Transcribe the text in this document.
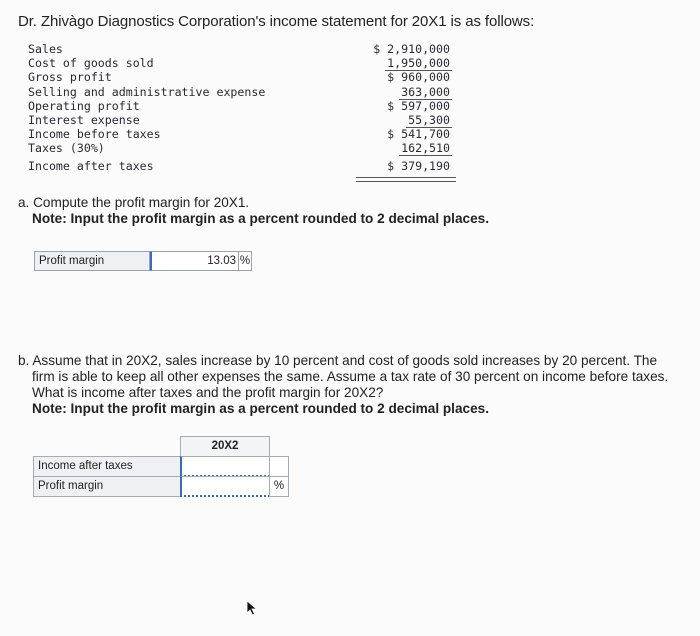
Dr. Zhivàgo Diagnostics Corporation's income statement for 20X1 is as follows:
Sales	$ 2,910,000
Cost of goods sold	1,950,000
Gross profit	$ 960,000
Selling and administrative expense	363,000
Operating profit	$ 597,000
Interest expense	55,300
Income before taxes	$ 541,700
Taxes (30%)	162,510
Income after taxes	$ 379,190
a. Compute the profit margin for 20X1.
Note: Input the profit margin as a percent rounded to 2 decimal places.
Profit margin	13.03 %
b. Assume that in 20X2, sales increase by 10 percent and cost of goods sold increases by 20 percent. The firm is able to keep all other expenses the same. Assume a tax rate of 30 percent on income before taxes. What is income after taxes and the profit margin for 20X2?
Note: Input the profit margin as a percent rounded to 2 decimal places.
20X2
Income after taxes
Profit margin	%
